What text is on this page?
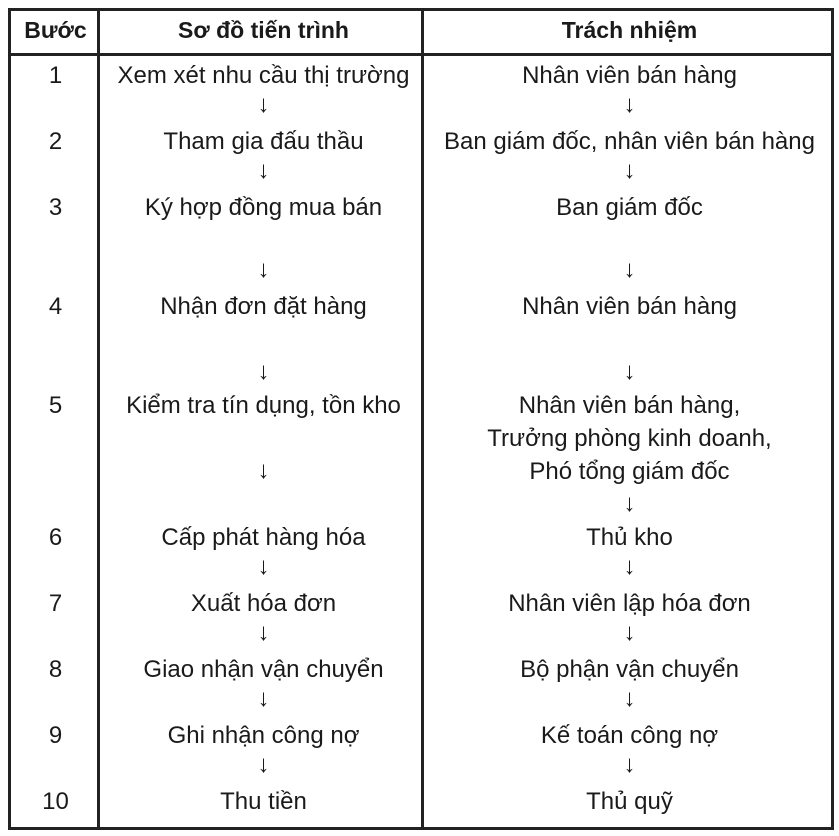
Bước	Sơ đồ tiến trình	Trách nhiệm
1	Xem xét nhu cầu thị trường	Nhân viên bán hàng
↓	↓
2	Tham gia đấu thầu	Ban giám đốc, nhân viên bán hàng
↓	↓
3	Ký hợp đồng mua bán	Ban giám đốc
↓	↓
4	Nhận đơn đặt hàng	Nhân viên bán hàng
↓	↓
5	Kiểm tra tín dụng, tồn kho	Nhân viên bán hàng,
Trưởng phòng kinh doanh,
Phó tổng giám đốc
↓
↓
6	Cấp phát hàng hóa	Thủ kho
↓	↓
7	Xuất hóa đơn	Nhân viên lập hóa đơn
↓	↓
8	Giao nhận vận chuyển	Bộ phận vận chuyển
↓	↓
9	Ghi nhận công nợ	Kế toán công nợ
↓	↓
10	Thu tiền	Thủ quỹ
